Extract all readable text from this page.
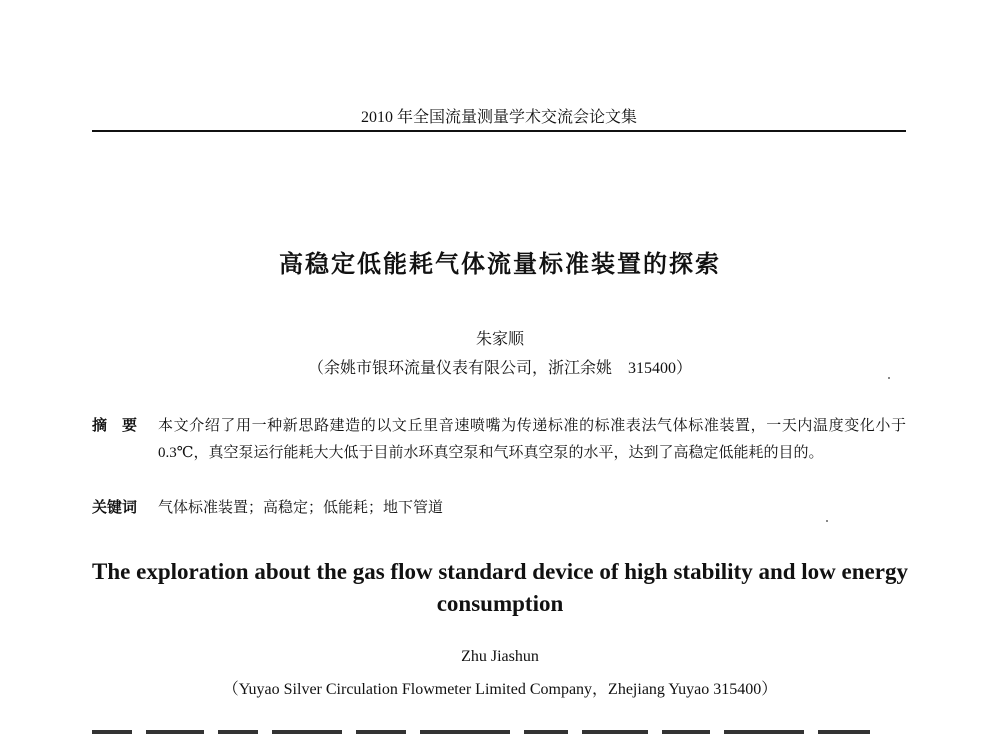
2010 年全国流量测量学术交流会论文集
高稳定低能耗气体流量标准装置的探索
朱家顺
（余姚市银环流量仪表有限公司，浙江余姚　315400）
摘　要	本文介绍了用一种新思路建造的以文丘里音速喷嘴为传递标准的标准表法气体标准装置，一天内温度变化小于 0.3℃，真空泵运行能耗大大低于目前水环真空泵和气环真空泵的水平，达到了高稳定低能耗的目的。
关键词 气体标准装置；高稳定；低能耗；地下管道
The exploration about the gas flow standard device of high stability and low energy consumption
Zhu Jiashun
（Yuyao Silver Circulation Flowmeter Limited Company，Zhejiang Yuyao 315400）
